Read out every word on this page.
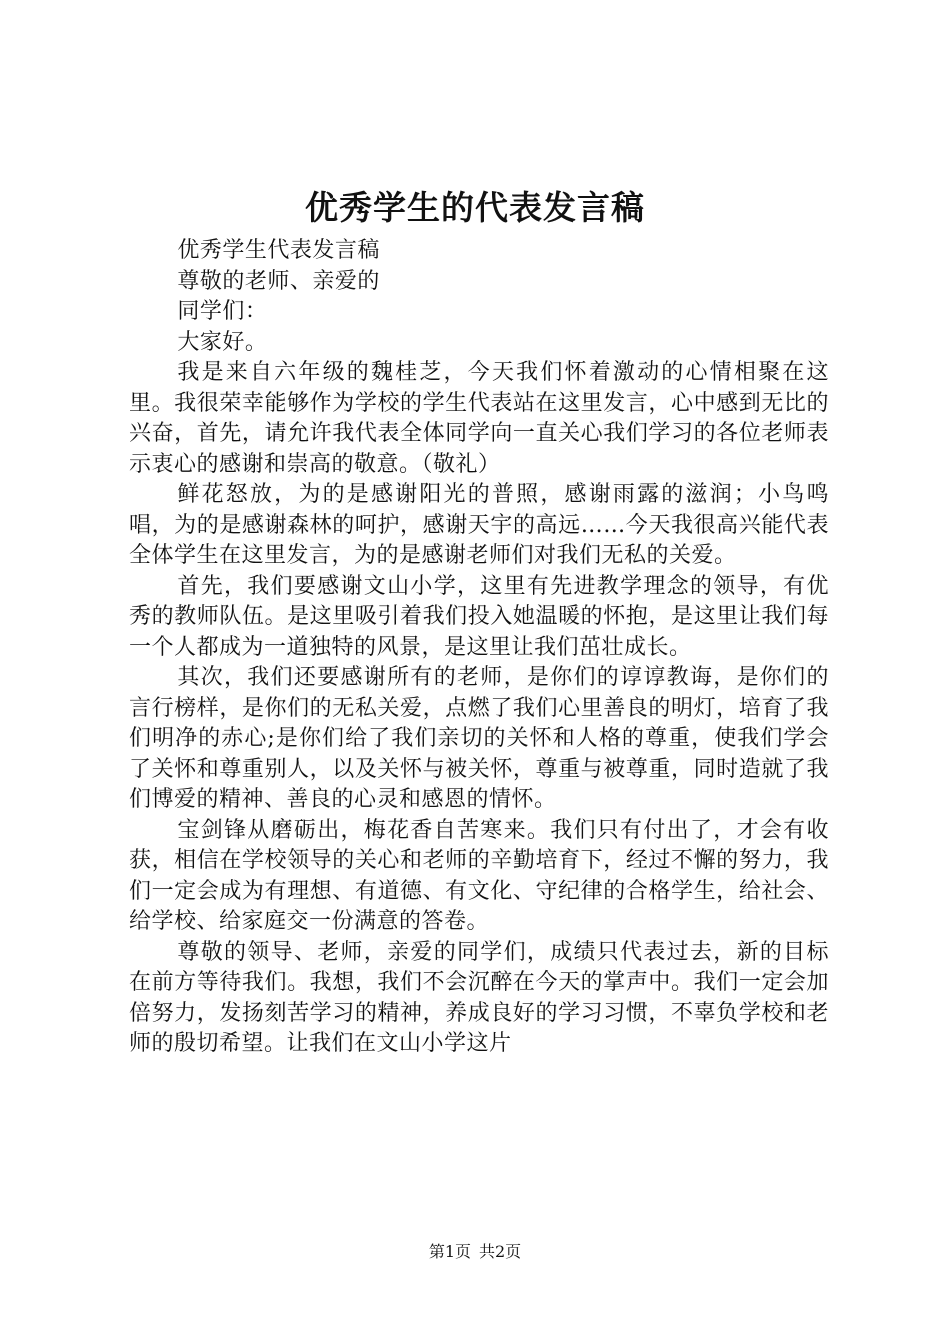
优秀学生的代表发言稿

优秀学生代表发言稿

尊敬的老师、亲爱的

同学们：

大家好。

我是来自六年级的魏桂芝，今天我们怀着激动的心情相聚在这里。我很荣幸能够作为学校的学生代表站在这里发言，心中感到无比的兴奋，首先，请允许我代表全体同学向一直关心我们学习的各位老师表示衷心的感谢和崇高的敬意。（敬礼）

鲜花怒放，为的是感谢阳光的普照，感谢雨露的滋润；小鸟鸣唱，为的是感谢森林的呵护，感谢天宇的高远……今天我很高兴能代表全体学生在这里发言，为的是感谢老师们对我们无私的关爱。

首先，我们要感谢文山小学，这里有先进教学理念的领导，有优秀的教师队伍。是这里吸引着我们投入她温暖的怀抱，是这里让我们每一个人都成为一道独特的风景，是这里让我们茁壮成长。

其次，我们还要感谢所有的老师，是你们的谆谆教诲，是你们的言行榜样，是你们的无私关爱，点燃了我们心里善良的明灯，培育了我们明净的赤心;是你们给了我们亲切的关怀和人格的尊重，使我们学会了关怀和尊重别人，以及关怀与被关怀，尊重与被尊重，同时造就了我们博爱的精神、善良的心灵和感恩的情怀。

宝剑锋从磨砺出，梅花香自苦寒来。我们只有付出了，才会有收获，相信在学校领导的关心和老师的辛勤培育下，经过不懈的努力，我们一定会成为有理想、有道德、有文化、守纪律的合格学生，给社会、给学校、给家庭交一份满意的答卷。

尊敬的领导、老师，亲爱的同学们，成绩只代表过去，新的目标在前方等待我们。我想，我们不会沉醉在今天的掌声中。我们一定会加倍努力，发扬刻苦学习的精神，养成良好的学习习惯，不辜负学校和老师的殷切希望。让我们在文山小学这片

第1页 共2页
